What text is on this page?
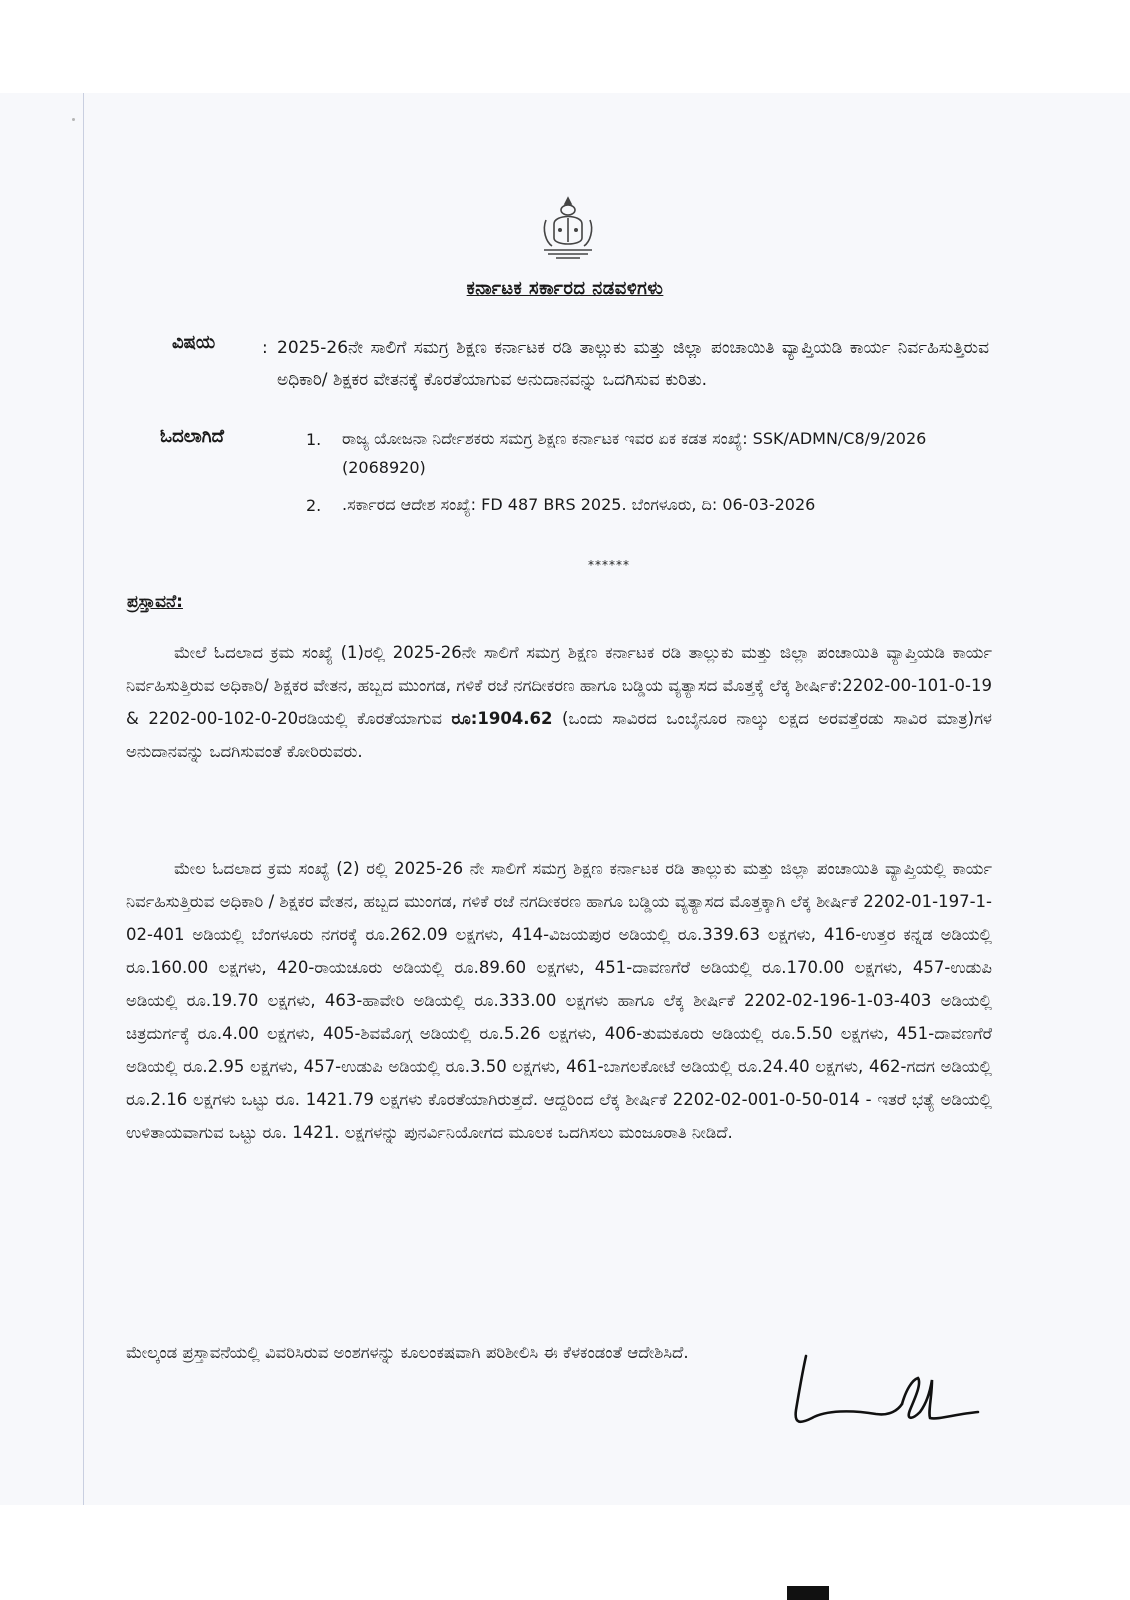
ಕರ್ನಾಟಕ ಸರ್ಕಾರದ ನಡವಳಿಗಳು
ವಿಷಯ	: 2025-26ನೇ ಸಾಲಿಗೆ ಸಮಗ್ರ ಶಿಕ್ಷಣ ಕರ್ನಾಟಕ ರಡಿ ತಾಲ್ಲುಕು ಮತ್ತು ಜಿಲ್ಲಾ ಪಂಚಾಯಿತಿ ವ್ಯಾಪ್ತಿಯಡಿ ಕಾರ್ಯ ನಿರ್ವಹಿಸುತ್ತಿರುವ ಅಧಿಕಾರಿ/ ಶಿಕ್ಷಕರ ವೇತನಕ್ಕೆ ಕೊರತೆಯಾಗುವ ಅನುದಾನವನ್ನು ಒದಗಿಸುವ ಕುರಿತು.
ಓದಲಾಗಿದೆ	1. ರಾಜ್ಯ ಯೋಜನಾ ನಿರ್ದೇಶಕರು ಸಮಗ್ರ ಶಿಕ್ಷಣ ಕರ್ನಾಟಕ ಇವರ ಏಕ ಕಡತ ಸಂಖ್ಯೆ: SSK/ADMN/C8/9/2026 (2068920)
2. .ಸರ್ಕಾರದ ಆದೇಶ ಸಂಖ್ಯೆ: FD 487 BRS 2025. ಬೆಂಗಳೂರು, ದಿ: 06-03-2026
******
ಪ್ರಸ್ತಾವನೆ:
ಮೇಲೆ ಓದಲಾದ ಕ್ರಮ ಸಂಖ್ಯೆ (1)ರಲ್ಲಿ 2025-26ನೇ ಸಾಲಿಗೆ ಸಮಗ್ರ ಶಿಕ್ಷಣ ಕರ್ನಾಟಕ ರಡಿ ತಾಲ್ಲುಕು ಮತ್ತು ಜಿಲ್ಲಾ ಪಂಚಾಯಿತಿ ವ್ಯಾಪ್ತಿಯಡಿ ಕಾರ್ಯ ನಿರ್ವಹಿಸುತ್ತಿರುವ ಅಧಿಕಾರಿ/ ಶಿಕ್ಷಕರ ವೇತನ, ಹಬ್ಬದ ಮುಂಗಡ, ಗಳಿಕೆ ರಜೆ ನಗದೀಕರಣ ಹಾಗೂ ಬಡ್ಡಿಯ ವ್ಯತ್ಯಾಸದ ಮೊತ್ತಕ್ಕೆ ಲೆಕ್ಕ ಶೀರ್ಷಿಕೆ:2202-00-101-0-19 & 2202-00-102-0-20ರಡಿಯಲ್ಲಿ ಕೊರತೆಯಾಗುವ ರೂ:1904.62 (ಒಂದು ಸಾವಿರದ ಒಂಬೈನೂರ ನಾಲ್ಕು ಲಕ್ಷದ ಅರವತ್ತೆರಡು ಸಾವಿರ ಮಾತ್ರ)ಗಳ ಅನುದಾನವನ್ನು ಒದಗಿಸುವಂತೆ ಕೋರಿರುವರು.
ಮೇಲ ಓದಲಾದ ಕ್ರಮ ಸಂಖ್ಯೆ (2) ರಲ್ಲಿ 2025-26 ನೇ ಸಾಲಿಗೆ ಸಮಗ್ರ ಶಿಕ್ಷಣ ಕರ್ನಾಟಕ ರಡಿ ತಾಲ್ಲುಕು ಮತ್ತು ಜಿಲ್ಲಾ ಪಂಚಾಯಿತಿ ವ್ಯಾಪ್ತಿಯಲ್ಲಿ ಕಾರ್ಯ ನಿರ್ವಹಿಸುತ್ತಿರುವ ಅಧಿಕಾರಿ / ಶಿಕ್ಷಕರ ವೇತನ, ಹಬ್ಬದ ಮುಂಗಡ, ಗಳಿಕೆ ರಜೆ ನಗದೀಕರಣ ಹಾಗೂ ಬಡ್ಡಿಯ ವ್ಯತ್ಯಾಸದ ಮೊತ್ತಕ್ಕಾಗಿ ಲೆಕ್ಕ ಶೀರ್ಷಿಕೆ 2202-01-197-1-02-401 ಅಡಿಯಲ್ಲಿ ಬೆಂಗಳೂರು ನಗರಕ್ಕೆ ರೂ.262.09 ಲಕ್ಷಗಳು, 414-ವಿಜಯಪುರ ಅಡಿಯಲ್ಲಿ ರೂ.339.63 ಲಕ್ಷಗಳು, 416-ಉತ್ತರ ಕನ್ನಡ ಅಡಿಯಲ್ಲಿ ರೂ.160.00 ಲಕ್ಷಗಳು, 420-ರಾಯಚೂರು ಅಡಿಯಲ್ಲಿ ರೂ.89.60 ಲಕ್ಷಗಳು, 451-ದಾವಣಗೆರೆ ಅಡಿಯಲ್ಲಿ ರೂ.170.00 ಲಕ್ಷಗಳು, 457-ಉಡುಪಿ ಅಡಿಯಲ್ಲಿ ರೂ.19.70 ಲಕ್ಷಗಳು, 463-ಹಾವೇರಿ ಅಡಿಯಲ್ಲಿ ರೂ.333.00 ಲಕ್ಷಗಳು ಹಾಗೂ ಲೆಕ್ಕ ಶೀರ್ಷಿಕೆ 2202-02-196-1-03-403 ಅಡಿಯಲ್ಲಿ ಚಿತ್ರದುರ್ಗಕ್ಕೆ ರೂ.4.00 ಲಕ್ಷಗಳು, 405-ಶಿವಮೊಗ್ಗ ಅಡಿಯಲ್ಲಿ ರೂ.5.26 ಲಕ್ಷಗಳು, 406-ತುಮಕೂರು ಅಡಿಯಲ್ಲಿ ರೂ.5.50 ಲಕ್ಷಗಳು, 451-ದಾವಣಗೆರೆ ಅಡಿಯಲ್ಲಿ ರೂ.2.95 ಲಕ್ಷಗಳು, 457-ಉಡುಪಿ ಅಡಿಯಲ್ಲಿ ರೂ.3.50 ಲಕ್ಷಗಳು, 461-ಬಾಗಲಕೋಟೆ ಅಡಿಯಲ್ಲಿ ರೂ.24.40 ಲಕ್ಷಗಳು, 462-ಗದಗ ಅಡಿಯಲ್ಲಿ ರೂ.2.16 ಲಕ್ಷಗಳು ಒಟ್ಟು ರೂ. 1421.79 ಲಕ್ಷಗಳು ಕೊರತೆಯಾಗಿರುತ್ತದೆ. ಆದ್ದರಿಂದ ಲೆಕ್ಕ ಶೀರ್ಷಿಕೆ 2202-02-001-0-50-014 - ಇತರೆ ಭತ್ಯೆ ಅಡಿಯಲ್ಲಿ ಉಳಿತಾಯವಾಗುವ ಒಟ್ಟು ರೂ. 1421. ಲಕ್ಷಗಳನ್ನು ಪುನರ್ವಿನಿಯೋಗದ ಮೂಲಕ ಒದಗಿಸಲು ಮಂಜೂರಾತಿ ನೀಡಿದೆ.
ಮೇಲ್ಕಂಡ ಪ್ರಸ್ತಾವನೆಯಲ್ಲಿ ವಿವರಿಸಿರುವ ಅಂಶಗಳನ್ನು ಕೂಲಂಕಷವಾಗಿ ಪರಿಶೀಲಿಸಿ ಈ ಕೆಳಕಂಡಂತೆ ಆದೇಶಿಸಿದೆ.
